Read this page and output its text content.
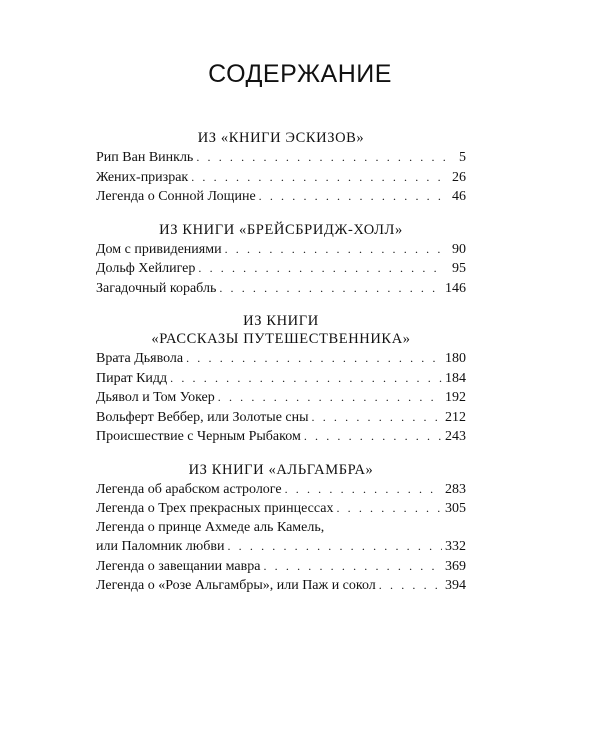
СОДЕРЖАНИЕ
ИЗ «КНИГИ ЭСКИЗОВ»
Рип Ван Винкль . . .	5
Жених-призрак . . .	26
Легенда о Сонной Лощине . . .	46
ИЗ КНИГИ «БРЕЙСБРИДЖ-ХОЛЛ»
Дом с привидениями . . .	90
Дольф Хейлигер . . .	95
Загадочный корабль . . .	146
ИЗ КНИГИ
«РАССКАЗЫ ПУТЕШЕСТВЕННИКА»
Врата Дьявола . . .	180
Пират Кидд . . .	184
Дьявол и Том Уокер . . .	192
Вольферт Веббер, или Золотые сны . . .	212
Происшествие с Черным Рыбаком . . .	243
ИЗ КНИГИ «АЛЬГАМБРА»
Легенда об арабском астрологе . . .	283
Легенда о Трех прекрасных принцессах . . .	305
Легенда о принце Ахмеде аль Камель,
или Паломник любви . . .	332
Легенда о завещании мавра . . .	369
Легенда о «Розе Альгамбры», или Паж и сокол . . .	394
